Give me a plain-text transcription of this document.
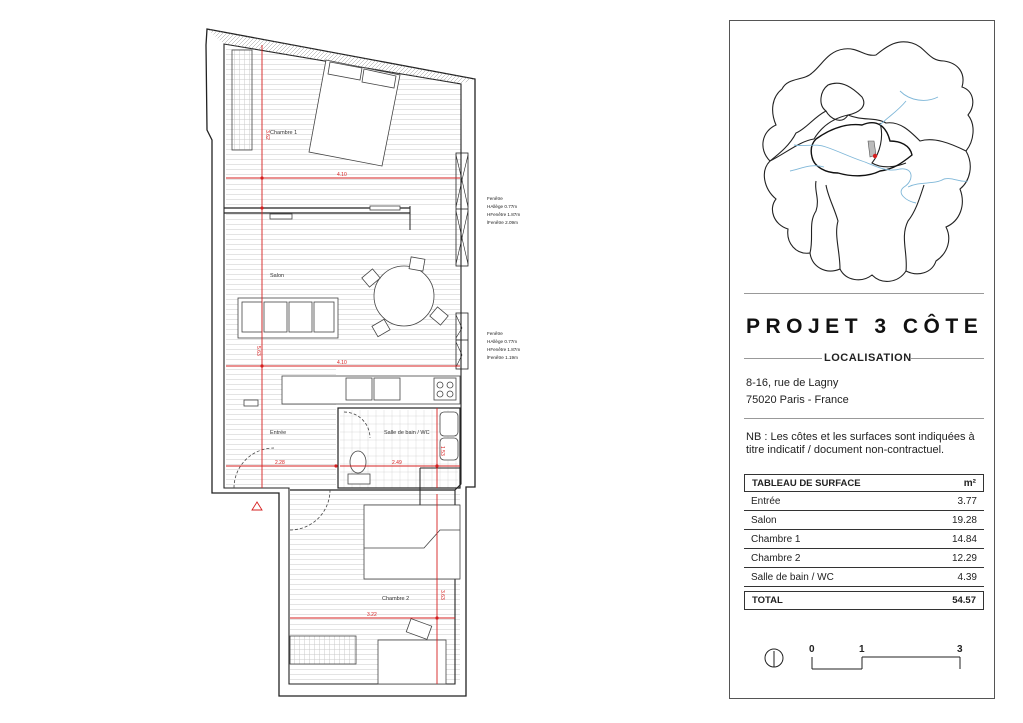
Chambre 1
Salon
Entrée	Salle de bain / WC
Chambre 2
4.10
4.10
2.28	2.49
3.22
3.62
5.63
1.53
3.63
Fenêtre
HAllège 0.77m
HFenêtre 1.87m
lFenêtre 2.09m
Fenêtre
HAllège 0.77m
HFenêtre 1.87m
lFenêtre 1.19m
PROJET 3 CÔTE
LOCALISATION
8-16, rue de Lagny
75020 Paris - France
NB : Les côtes et les surfaces sont indiquées à titre indicatif / document non-contractuel.
TABLEAU DE SURFACE	m²
Entrée	3.77
Salon	19.28
Chambre 1	14.84
Chambre 2	12.29
Salle de bain / WC	4.39
TOTAL	54.57
0	1	3
